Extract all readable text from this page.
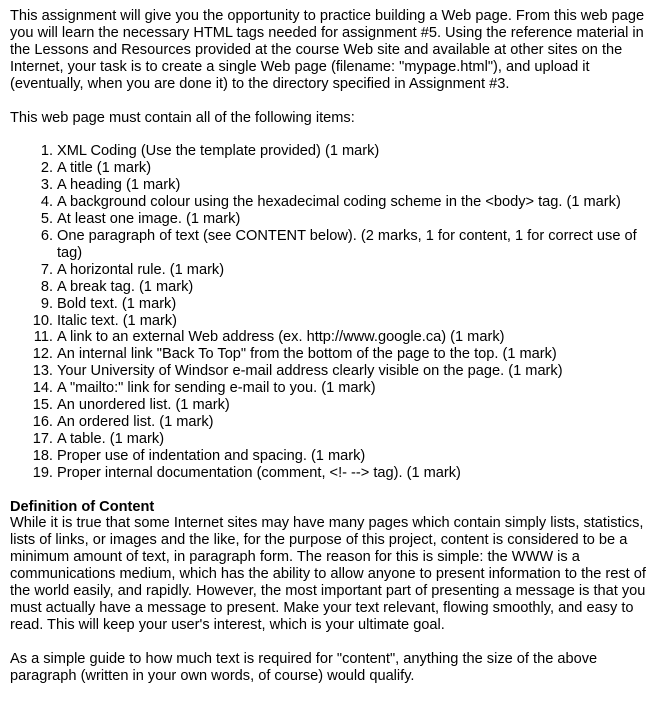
This assignment will give you the opportunity to practice building a Web page. From this web page you will learn the necessary HTML tags needed for assignment #5. Using the reference material in the Lessons and Resources provided at the course Web site and available at other sites on the Internet, your task is to create a single Web page (filename: "mypage.html"), and upload it (eventually, when you are done it) to the directory specified in Assignment #3.

This web page must contain all of the following items:

1. XML Coding (Use the template provided) (1 mark)
2. A title (1 mark)
3. A heading (1 mark)
4. A background colour using the hexadecimal coding scheme in the <body> tag. (1 mark)
5. At least one image. (1 mark)
6. One paragraph of text (see CONTENT below). (2 marks, 1 for content, 1 for correct use of tag)
7. A horizontal rule. (1 mark)
8. A break tag. (1 mark)
9. Bold text. (1 mark)
10. Italic text. (1 mark)
11. A link to an external Web address (ex. http://www.google.ca) (1 mark)
12. An internal link "Back To Top" from the bottom of the page to the top. (1 mark)
13. Your University of Windsor e-mail address clearly visible on the page. (1 mark)
14. A "mailto:" link for sending e-mail to you. (1 mark)
15. An unordered list. (1 mark)
16. An ordered list. (1 mark)
17. A table. (1 mark)
18. Proper use of indentation and spacing. (1 mark)
19. Proper internal documentation (comment, <!- --> tag). (1 mark)

Definition of Content

While it is true that some Internet sites may have many pages which contain simply lists, statistics, lists of links, or images and the like, for the purpose of this project, content is considered to be a minimum amount of text, in paragraph form. The reason for this is simple: the WWW is a communications medium, which has the ability to allow anyone to present information to the rest of the world easily, and rapidly. However, the most important part of presenting a message is that you must actually have a message to present. Make your text relevant, flowing smoothly, and easy to read. This will keep your user's interest, which is your ultimate goal.

As a simple guide to how much text is required for "content", anything the size of the above paragraph (written in your own words, of course) would qualify.
